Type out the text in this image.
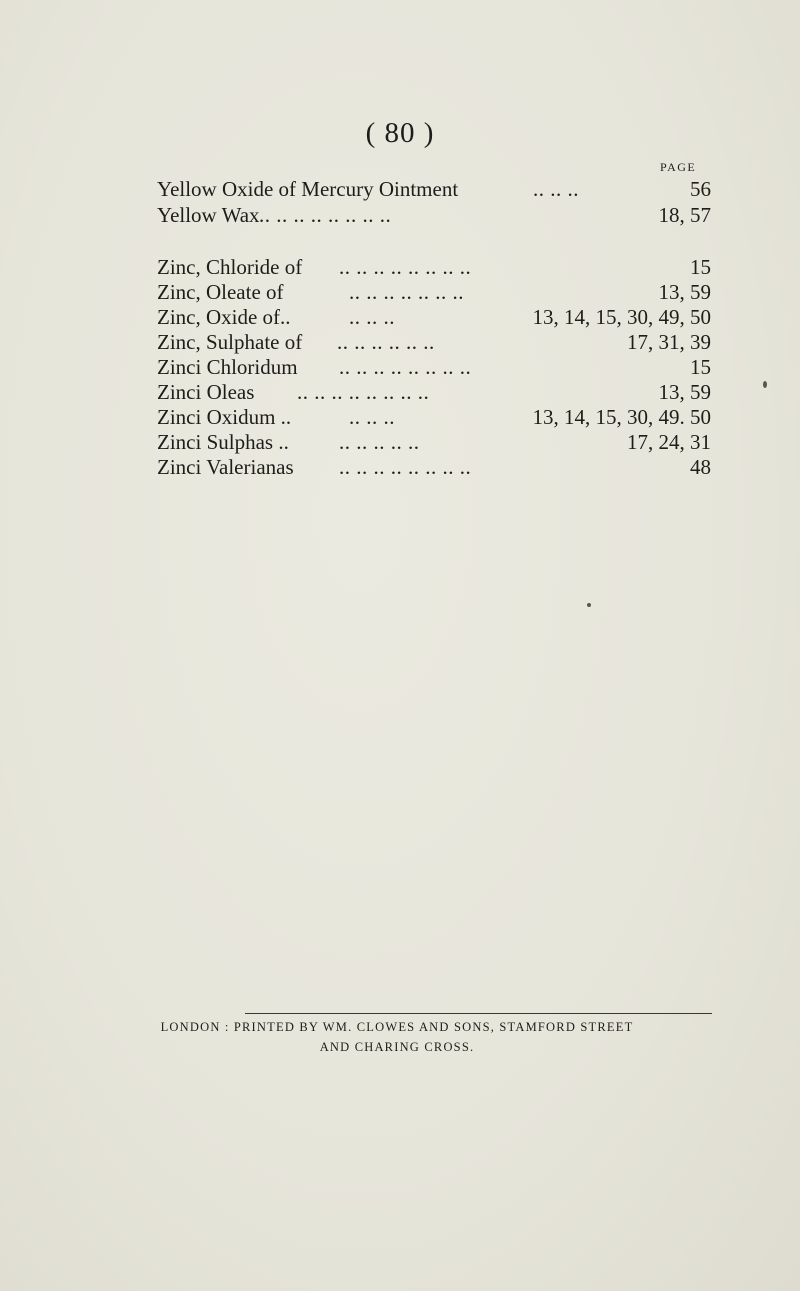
( 80 )
PAGE
Yellow Oxide of Mercury Ointment	.. .. ..	56
Yellow Wax .. .. .. .. .. .. .. ..	18, 57
Zinc, Chloride of .. .. .. .. .. .. .. ..	15
Zinc, Oleate of	.. .. .. .. .. .. ..	13, 59
Zinc, Oxide of..	.. .. ..	13, 14, 15, 30, 49, 50
Zinc, Sulphate of .. .. .. .. .. ..	17, 31, 39
Zinci Chloridum .. .. .. .. .. .. .. ..	15
Zinci Oleas .. .. .. .. .. .. .. ..	13, 59
Zinci Oxidum ..	.. .. ..	13, 14, 15, 30, 49. 50
Zinci Sulphas .. .. .. .. .. ..	17, 24, 31
Zinci Valerianas .. .. .. .. .. .. .. ..	48
LONDON : PRINTED BY WM. CLOWES AND SONS, STAMFORD STREET
AND CHARING CROSS.
